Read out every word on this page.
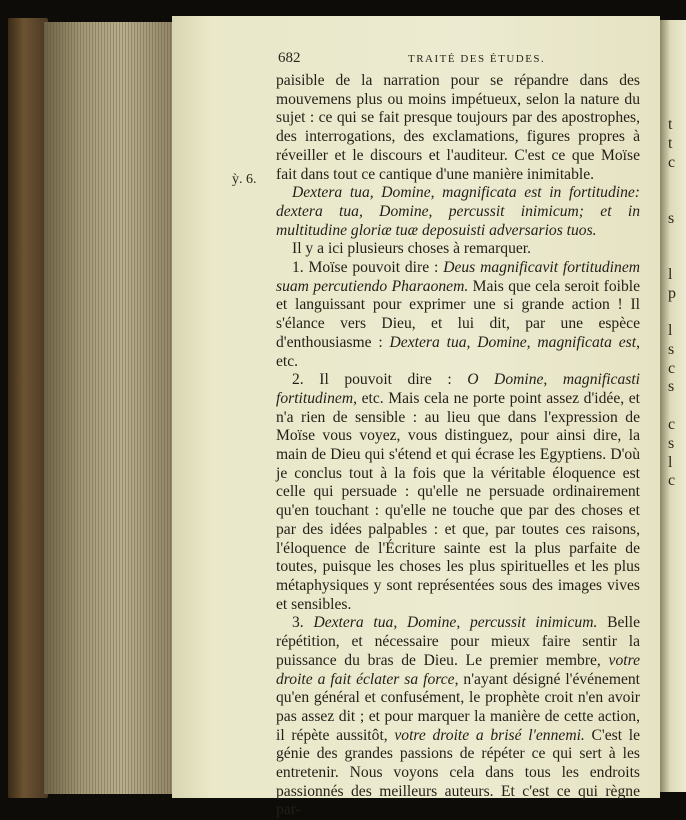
t
t
c
s
l
p
l
s
c
s
c
s
l
c
682	TRAITÉ DES ÉTUDES.
ỳ. 6.

paisible de la narration pour se répandre dans des mouvemens plus ou moins impétueux, selon la nature du sujet : ce qui se fait presque toujours par des apostrophes, des interrogations, des exclamations, figures propres à réveiller et le discours et l'auditeur. C'est ce que Moïse fait dans tout ce cantique d'une manière inimitable.

Dextera tua, Domine, magnificata est in fortitudine: dextera tua, Domine, percussit inimicum; et in multitudine gloriæ tuæ deposuisti adversarios tuos.

Il y a ici plusieurs choses à remarquer.

1. Moïse pouvoit dire : Deus magnificavit fortitudinem suam percutiendo Pharaonem. Mais que cela seroit foible et languissant pour exprimer une si grande action ! Il s'élance vers Dieu, et lui dit, par une espèce d'enthousiasme : Dextera tua, Domine, magnificata est, etc.

2. Il pouvoit dire : O Domine, magnificasti fortitudinem, etc. Mais cela ne porte point assez d'idée, et n'a rien de sensible : au lieu que dans l'expression de Moïse vous voyez, vous distinguez, pour ainsi dire, la main de Dieu qui s'étend et qui écrase les Egyptiens. D'où je conclus tout à la fois que la véritable éloquence est celle qui persuade : qu'elle ne persuade ordinairement qu'en touchant : qu'elle ne touche que par des choses et par des idées palpables : et que, par toutes ces raisons, l'éloquence de l'Écriture sainte est la plus parfaite de toutes, puisque les choses les plus spirituelles et les plus métaphysiques y sont représentées sous des images vives et sensibles.

3. Dextera tua, Domine, percussit inimicum. Belle répétition, et nécessaire pour mieux faire sentir la puissance du bras de Dieu. Le premier membre, votre droite a fait éclater sa force, n'ayant désigné l'événement qu'en général et confusément, le prophète croit n'en avoir pas assez dit ; et pour marquer la manière de cette action, il répète aussitôt, votre droite a brisé l'ennemi. C'est le génie des grandes passions de répéter ce qui sert à les entretenir. Nous voyons cela dans tous les endroits passionnés des meilleurs auteurs. Et c'est ce qui règne par-
